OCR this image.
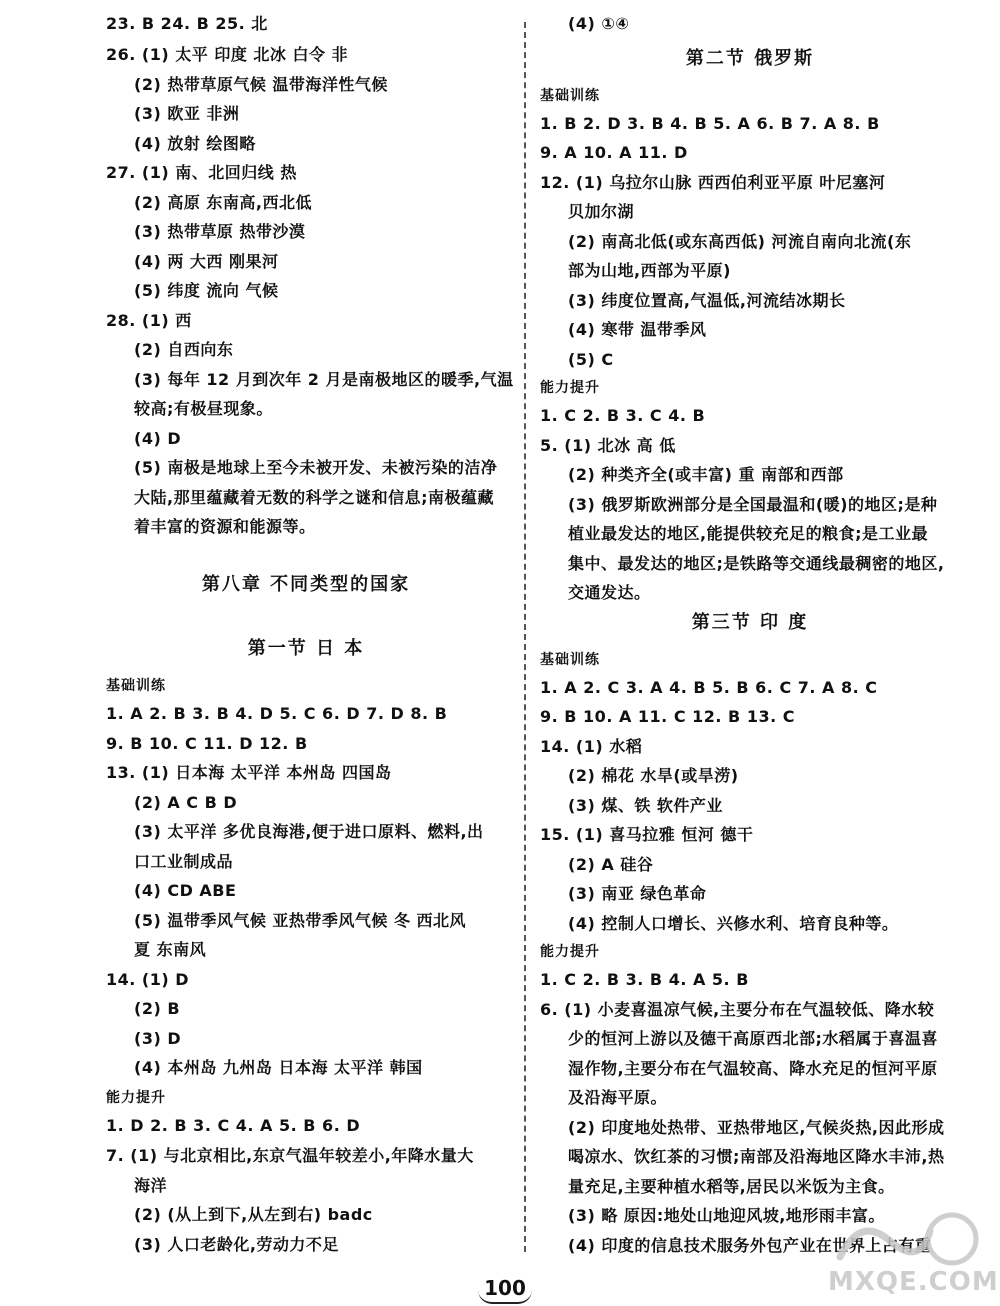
23. B 24. B 25. 北
26. (1) 太平 印度 北冰 白令 非
(2) 热带草原气候 温带海洋性气候
(3) 欧亚 非洲
(4) 放射 绘图略
27. (1) 南、北回归线 热
(2) 高原 东南高,西北低
(3) 热带草原 热带沙漠
(4) 两 大西 刚果河
(5) 纬度 流向 气候
28. (1) 西
(2) 自西向东
(3) 每年 12 月到次年 2 月是南极地区的暖季,气温
较高;有极昼现象。
(4) D
(5) 南极是地球上至今未被开发、未被污染的洁净
大陆,那里蕴藏着无数的科学之谜和信息;南极蕴藏
着丰富的资源和能源等。
基础训练
1. A 2. B 3. B 4. D 5. C 6. D 7. D 8. B
9. B 10. C 11. D 12. B
13. (1) 日本海 太平洋 本州岛 四国岛
(2) A C B D
(3) 太平洋 多优良海港,便于进口原料、燃料,出
口工业制成品
(4) CD ABE
(5) 温带季风气候 亚热带季风气候 冬 西北风
夏 东南风
14. (1) D
(2) B
(3) D
(4) 本州岛 九州岛 日本海 太平洋 韩国
能力提升
1. D 2. B 3. C 4. A 5. B 6. D
7. (1) 与北京相比,东京气温年较差小,年降水量大
海洋
(2) (从上到下,从左到右) badc
(3) 人口老龄化,劳动力不足
第八章 不同类型的国家
第一节 日 本
(4) ①④
基础训练
1. B 2. D 3. B 4. B 5. A 6. B 7. A 8. B
9. A 10. A 11. D
12. (1) 乌拉尔山脉 西西伯利亚平原 叶尼塞河
贝加尔湖
(2) 南高北低(或东高西低) 河流自南向北流(东
部为山地,西部为平原)
(3) 纬度位置高,气温低,河流结冰期长
(4) 寒带 温带季风
(5) C
能力提升
1. C 2. B 3. C 4. B
5. (1) 北冰 高 低
(2) 种类齐全(或丰富) 重 南部和西部
(3) 俄罗斯欧洲部分是全国最温和(暖)的地区;是种
植业最发达的地区,能提供较充足的粮食;是工业最
集中、最发达的地区;是铁路等交通线最稠密的地区,
交通发达。
基础训练
1. A 2. C 3. A 4. B 5. B 6. C 7. A 8. C
9. B 10. A 11. C 12. B 13. C
14. (1) 水稻
(2) 棉花 水旱(或旱涝)
(3) 煤、铁 软件产业
15. (1) 喜马拉雅 恒河 德干
(2) A 硅谷
(3) 南亚 绿色革命
(4) 控制人口增长、兴修水利、培育良种等。
能力提升
1. C 2. B 3. B 4. A 5. B
6. (1) 小麦喜温凉气候,主要分布在气温较低、降水较
少的恒河上游以及德干高原西北部;水稻属于喜温喜
湿作物,主要分布在气温较高、降水充足的恒河平原
及沿海平原。
(2) 印度地处热带、亚热带地区,气候炎热,因此形成
喝凉水、饮红茶的习惯;南部及沿海地区降水丰沛,热
量充足,主要种植水稻等,居民以米饭为主食。
(3) 略 原因:地处山地迎风坡,地形雨丰富。
(4) 印度的信息技术服务外包产业在世界上占有重
第二节 俄罗斯
第三节 印 度
100	MXQE.COM
